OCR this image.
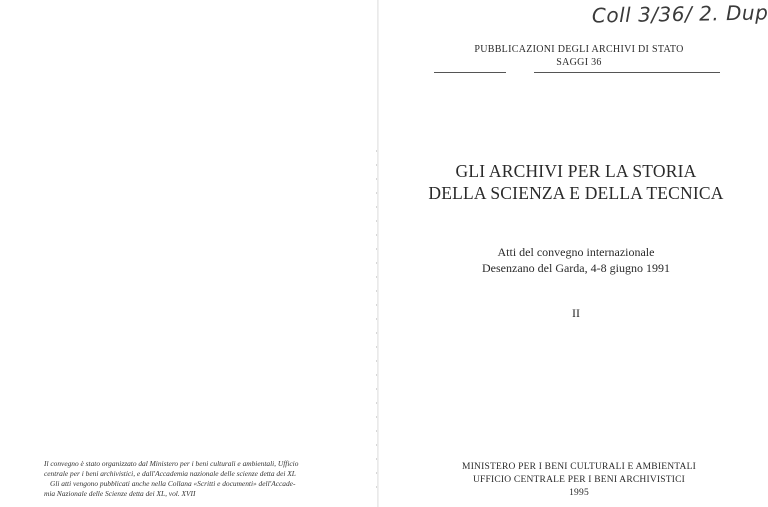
Il convegno è stato organizzato dal Ministero per i beni culturali e ambientali, Ufficio
centrale per i beni archivistici, e dall'Accademia nazionale delle scienze detta dei XL
Gli atti vengono pubblicati anche nella Collana «Scritti e documenti» dell'Accade-
mia Nazionale delle Scienze detta dei XL, vol. XVII

Coll 3/36/ 2. Dup
PUBBLICAZIONI DEGLI ARCHIVI DI STATO
SAGGI 36
GLI ARCHIVI PER LA STORIA
DELLA SCIENZA E DELLA TECNICA
Atti del convegno internazionale
Desenzano del Garda, 4-8 giugno 1991
II
MINISTERO PER I BENI CULTURALI E AMBIENTALI
UFFICIO CENTRALE PER I BENI ARCHIVISTICI
1995
